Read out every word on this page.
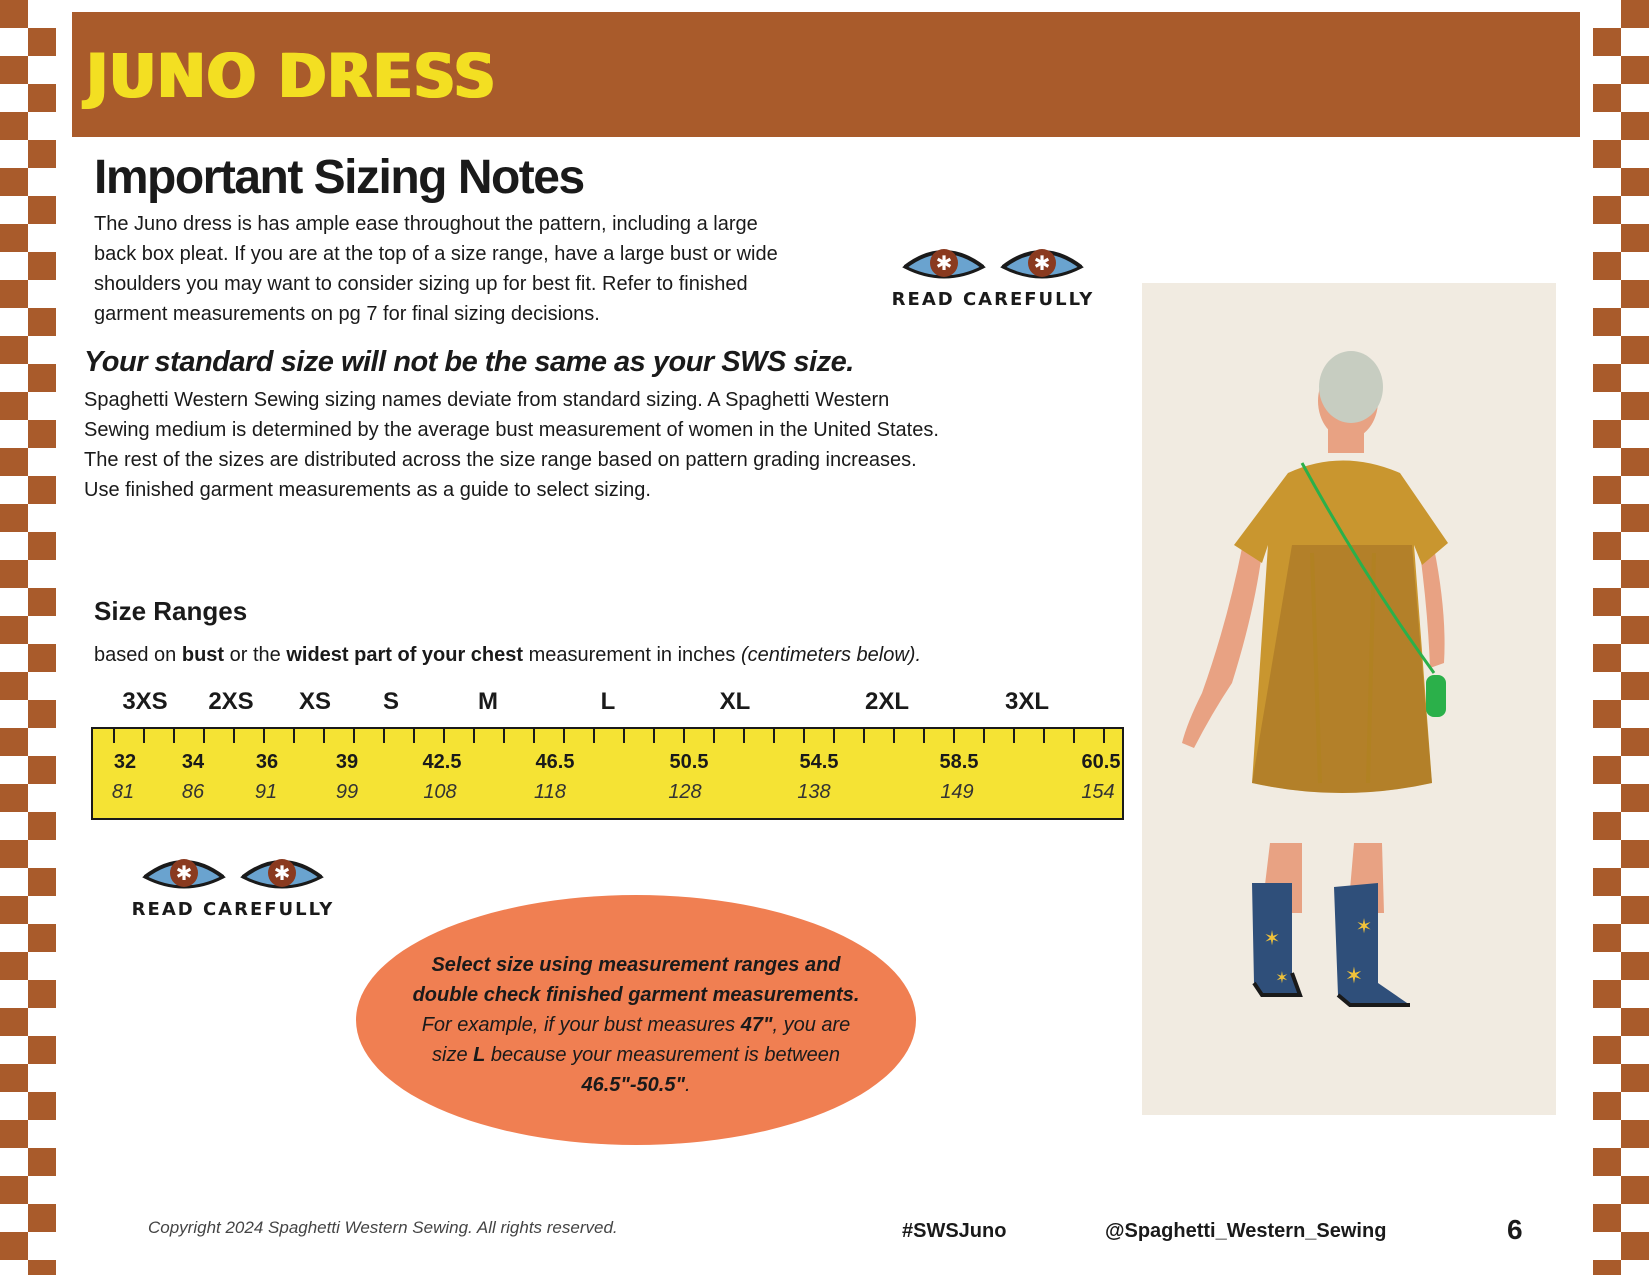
JUNO DRESS
Important Sizing Notes
The Juno dress is has ample ease throughout the pattern, including a large
back box pleat. If you are at the top of a size range, have a large bust or wide
shoulders you may want to consider sizing up for best fit. Refer to finished
garment measurements on pg 7 for final sizing decisions.
✱	✱
READ CAREFULLY
Your standard size will not be the same as your SWS size.
Spaghetti Western Sewing sizing names deviate from standard sizing. A Spaghetti Western
Sewing medium is determined by the average bust measurement of women in the United States.
The rest of the sizes are distributed across the size range based on pattern grading increases.
Use finished garment measurements as a guide to select sizing.
Size Ranges
based on bust or the widest part of your chest measurement in inches (centimeters below).
3XS 2XS XS S	M	L	XL	2XL	3XL
32 34	36	39	42.5	46.5	50.5	54.5	58.5	60.5
81 86	91	99	108	118	128	138	149	154
✱	✱
READ CAREFULLY
Select size using measurement ranges and
double check finished garment measurements.
For example, if your bust measures 47", you are
size L because your measurement is between
46.5"-50.5".
✶
✶
✶
✶
Copyright 2024 Spaghetti Western Sewing. All rights reserved.	#SWSJuno	@Spaghetti_Western_Sewing	6
